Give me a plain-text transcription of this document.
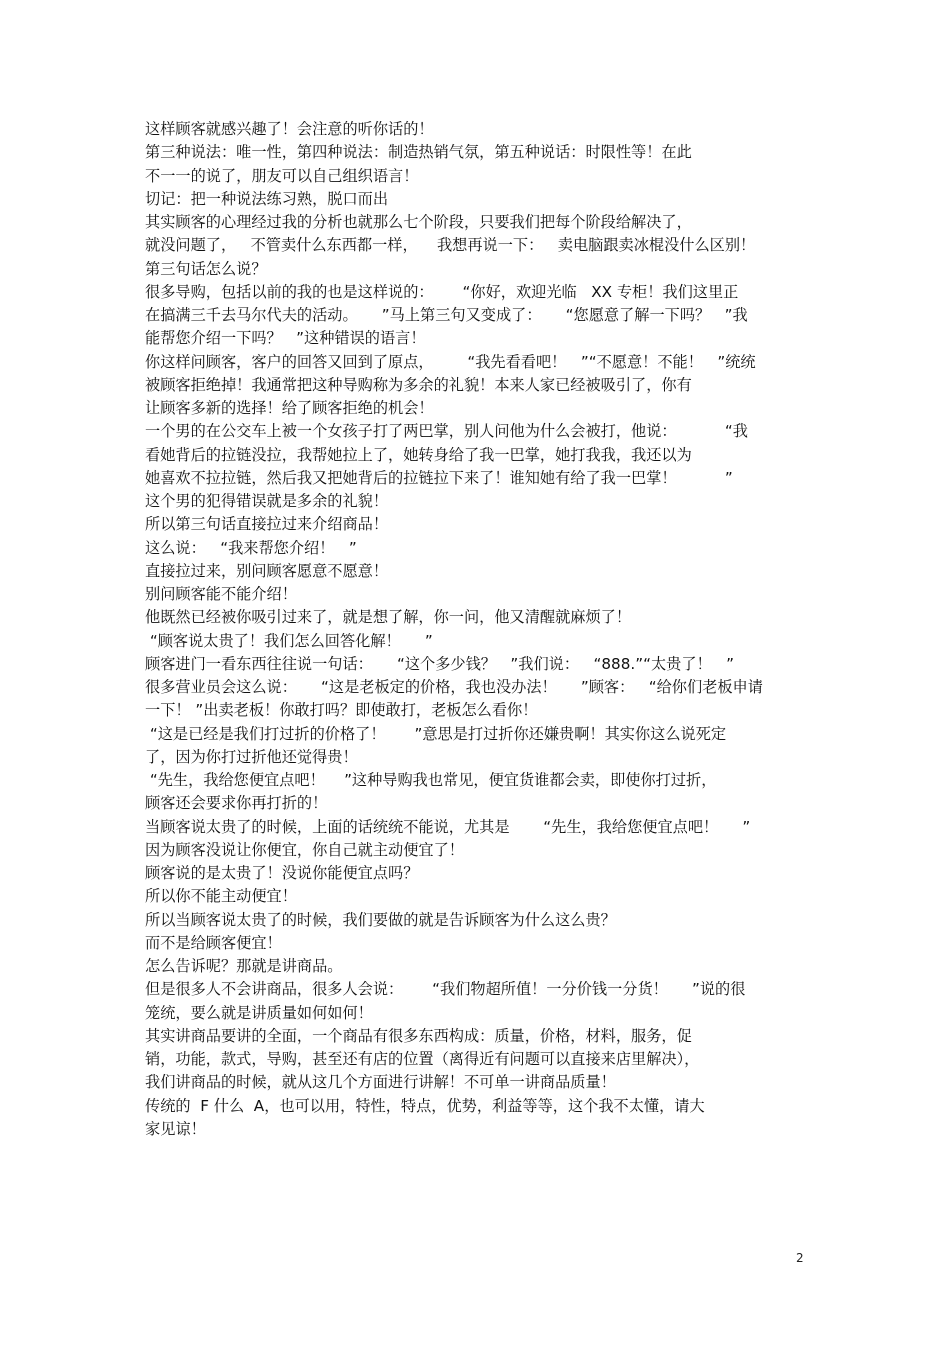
这样顾客就感兴趣了！会注意的听你话的！
第三种说法：唯一性，第四种说法：制造热销气氛，第五种说话：时限性等！在此
不一一的说了，朋友可以自己组织语言！
切记：把一种说法练习熟，脱口而出
其实顾客的心理经过我的分析也就那么七个阶段，只要我们把每个阶段给解决了，
就没问题了，   不管卖什么东西都一样，    我想再说一下：   卖电脑跟卖冰棍没什么区别！
第三句话怎么说？
很多导购，包括以前的我的也是这样说的：      “你好，欢迎光临   XX 专柜！我们这里正
在搞满三千去马尔代夫的活动。     ”马上第三句又变成了：     “您愿意了解一下吗？   ”我
能帮您介绍一下吗？   ”这种错误的语言！
你这样问顾客，客户的回答又回到了原点，       “我先看看吧！   ”“不愿意！不能！   ”统统
被顾客拒绝掉！我通常把这种导购称为多余的礼貌！本来人家已经被吸引了，你有
让顾客多新的选择！给了顾客拒绝的机会！
一个男的在公交车上被一个女孩子打了两巴掌，别人问他为什么会被打，他说：          “我
看她背后的拉链没拉，我帮她拉上了，她转身给了我一巴掌，她打我我，我还以为
她喜欢不拉拉链，然后我又把她背后的拉链拉下来了！谁知她有给了我一巴掌！          ”
这个男的犯得错误就是多余的礼貌！
所以第三句话直接拉过来介绍商品！
这么说：   “我来帮您介绍！   ”
直接拉过来，别问顾客愿意不愿意！
别问顾客能不能介绍！
他既然已经被你吸引过来了，就是想了解，你一问，他又清醒就麻烦了！
“顾客说太贵了！我们怎么回答化解！     ”
顾客进门一看东西往往说一句话：     “这个多少钱？   ”我们说：   “888.”“太贵了！   ”
很多营业员会这么说：     “这是老板定的价格，我也没办法！     ”顾客：   “给你们老板申请
一下！ ”出卖老板！你敢打吗？即使敢打，老板怎么看你！
“这是已经是我们打过折的价格了！      ”意思是打过折你还嫌贵啊！其实你这么说死定
了，因为你打过折他还觉得贵！
“先生，我给您便宜点吧！    ”这种导购我也常见，便宜货谁都会卖，即使你打过折，
顾客还会要求你再打折的！
当顾客说太贵了的时候，上面的话统统不能说，尤其是       “先生，我给您便宜点吧！     ”
因为顾客没说让你便宜，你自己就主动便宜了！
顾客说的是太贵了！没说你能便宜点吗？
所以你不能主动便宜！
所以当顾客说太贵了的时候，我们要做的就是告诉顾客为什么这么贵？
而不是给顾客便宜！
怎么告诉呢？那就是讲商品。
但是很多人不会讲商品，很多人会说：      “我们物超所值！一分价钱一分货！     ”说的很
笼统，要么就是讲质量如何如何！
其实讲商品要讲的全面，一个商品有很多东西构成：质量，价格，材料，服务，促
销，功能，款式，导购，甚至还有店的位置（离得近有问题可以直接来店里解决），
我们讲商品的时候，就从这几个方面进行讲解！不可单一讲商品质量！
传统的  F 什么  A，也可以用，特性，特点，优势，利益等等，这个我不太懂，请大
家见谅！
2
